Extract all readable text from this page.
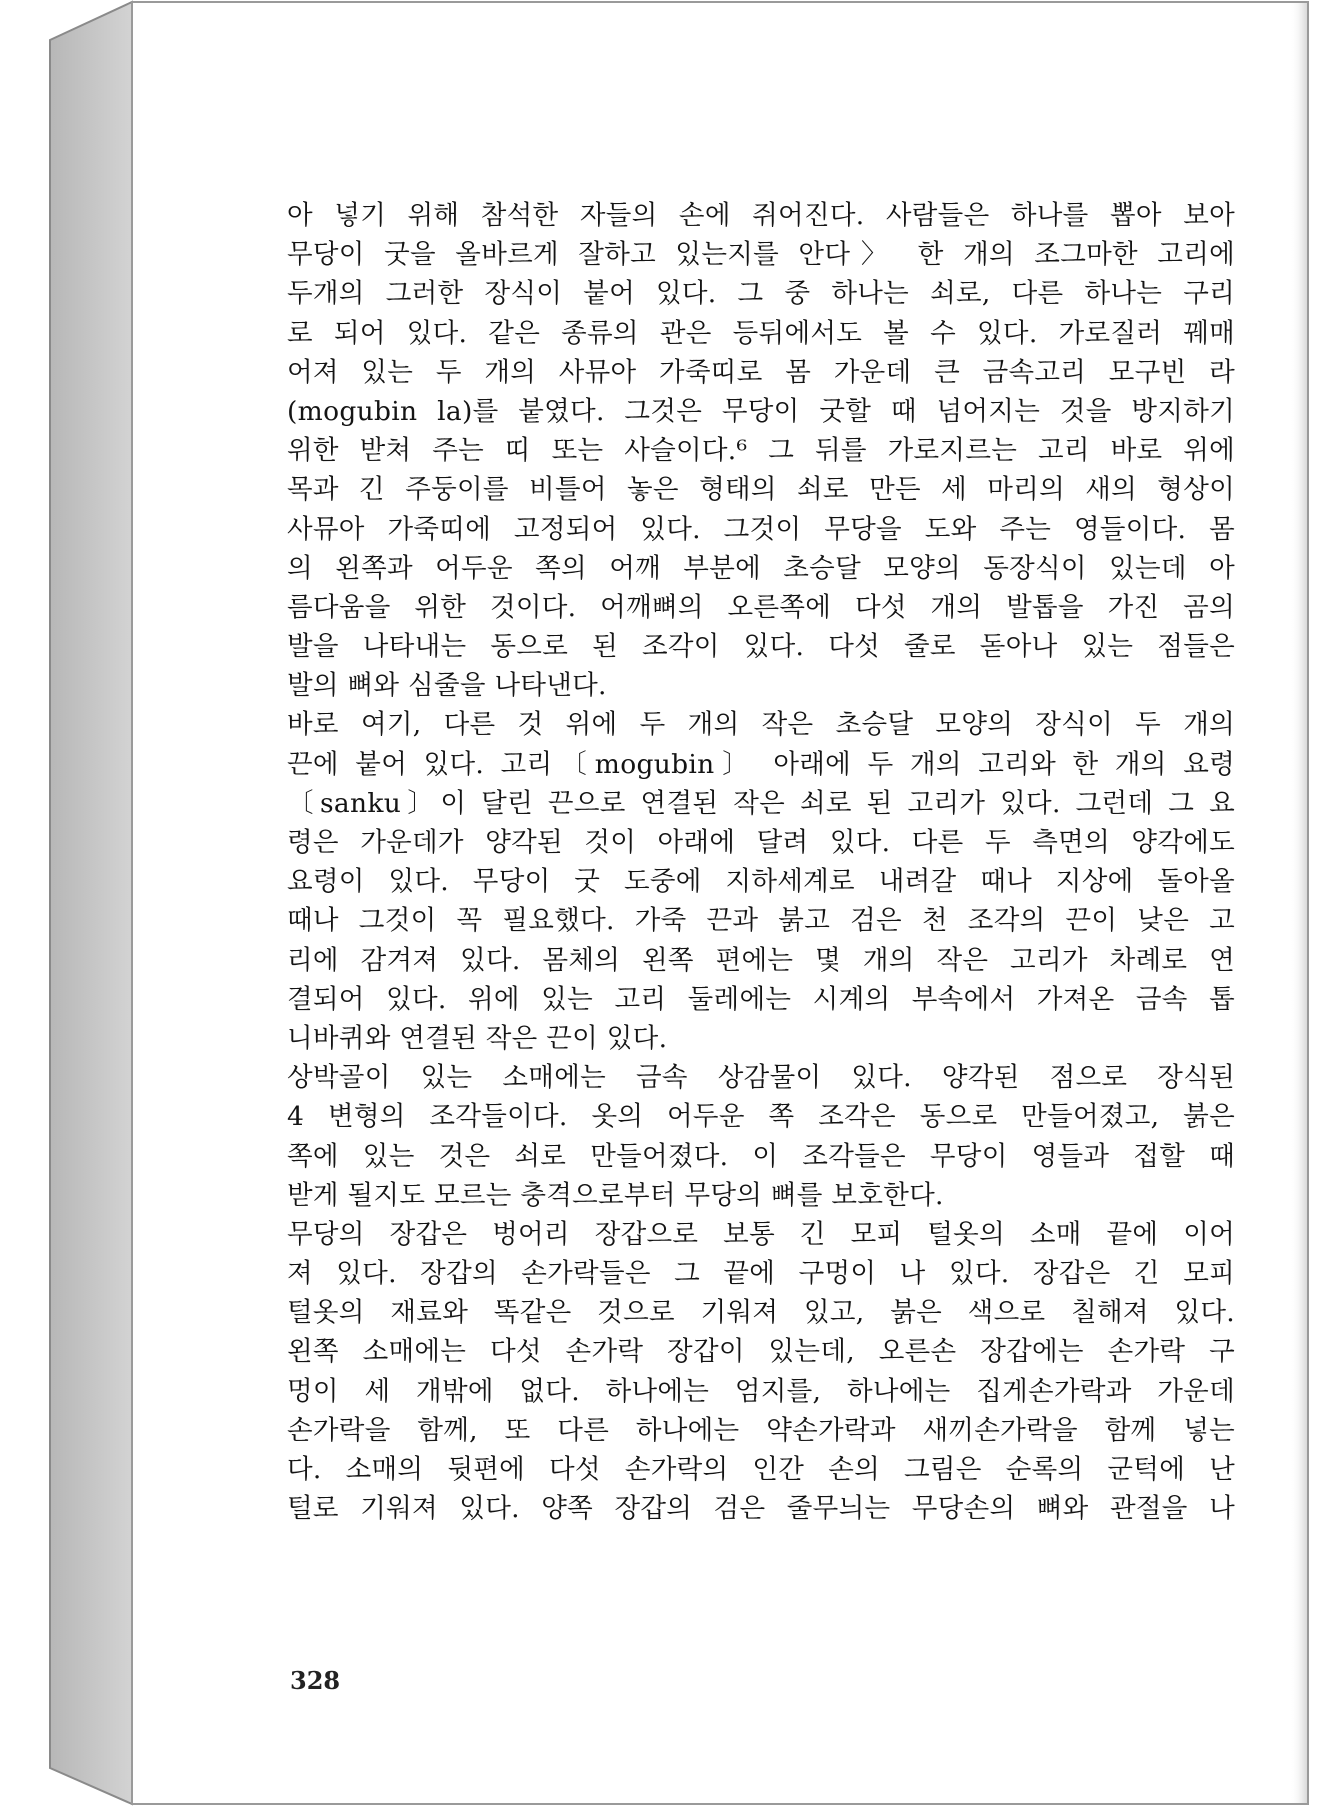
아 넣기 위해 참석한 자들의 손에 쥐어진다. 사람들은 하나를 뽑아 보아
무당이 굿을 올바르게 잘하고 있는지를 안다〉 한 개의 조그마한 고리에
두개의 그러한 장식이 붙어 있다. 그 중 하나는 쇠로, 다른 하나는 구리
로 되어 있다. 같은 종류의 관은 등뒤에서도 볼 수 있다. 가로질러 꿰매
어져 있는 두 개의 사뮤아 가죽띠로 몸 가운데 큰 금속고리 모구빈 라
(mogubin la)를 붙였다. 그것은 무당이 굿할 때 넘어지는 것을 방지하기
위한 받쳐 주는 띠 또는 사슬이다.⁶ 그 뒤를 가로지르는 고리 바로 위에
목과 긴 주둥이를 비틀어 놓은 형태의 쇠로 만든 세 마리의 새의 형상이
사뮤아 가죽띠에 고정되어 있다. 그것이 무당을 도와 주는 영들이다. 몸
의 왼쪽과 어두운 쪽의 어깨 부분에 초승달 모양의 동장식이 있는데 아
름다움을 위한 것이다. 어깨뼈의 오른쪽에 다섯 개의 발톱을 가진 곰의
발을 나타내는 동으로 된 조각이 있다. 다섯 줄로 돋아나 있는 점들은
발의 뼈와 심줄을 나타낸다.
바로 여기, 다른 것 위에 두 개의 작은 초승달 모양의 장식이 두 개의
끈에 붙어 있다. 고리〔mogubin〕 아래에 두 개의 고리와 한 개의 요령
〔sanku〕이 달린 끈으로 연결된 작은 쇠로 된 고리가 있다. 그런데 그 요
령은 가운데가 양각된 것이 아래에 달려 있다. 다른 두 측면의 양각에도
요령이 있다. 무당이 굿 도중에 지하세계로 내려갈 때나 지상에 돌아올
때나 그것이 꼭 필요했다. 가죽 끈과 붉고 검은 천 조각의 끈이 낮은 고
리에 감겨져 있다. 몸체의 왼쪽 편에는 몇 개의 작은 고리가 차례로 연
결되어 있다. 위에 있는 고리 둘레에는 시계의 부속에서 가져온 금속 톱
니바퀴와 연결된 작은 끈이 있다.
상박골이 있는 소매에는 금속 상감물이 있다. 양각된 점으로 장식된
4 변형의 조각들이다. 옷의 어두운 쪽 조각은 동으로 만들어졌고, 붉은
쪽에 있는 것은 쇠로 만들어졌다. 이 조각들은 무당이 영들과 접할 때
받게 될지도 모르는 충격으로부터 무당의 뼈를 보호한다.
무당의 장갑은 벙어리 장갑으로 보통 긴 모피 털옷의 소매 끝에 이어
져 있다. 장갑의 손가락들은 그 끝에 구멍이 나 있다. 장갑은 긴 모피
털옷의 재료와 똑같은 것으로 기워져 있고, 붉은 색으로 칠해져 있다.
왼쪽 소매에는 다섯 손가락 장갑이 있는데, 오른손 장갑에는 손가락 구
멍이 세 개밖에 없다. 하나에는 엄지를, 하나에는 집게손가락과 가운데
손가락을 함께, 또 다른 하나에는 약손가락과 새끼손가락을 함께 넣는
다. 소매의 뒷편에 다섯 손가락의 인간 손의 그림은 순록의 군턱에 난
털로 기워져 있다. 양쪽 장갑의 검은 줄무늬는 무당손의 뼈와 관절을 나
328
